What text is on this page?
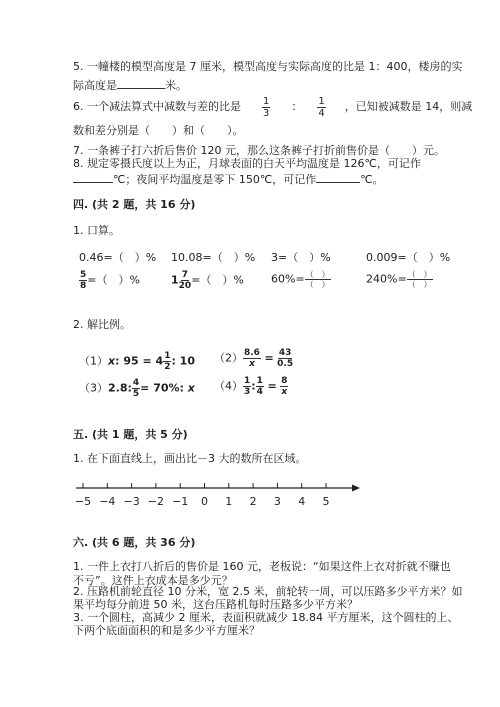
5. 一幢楼的模型高度是 7 厘米，模型高度与实际高度的比是 1：400，楼房的实
际高度是	米。
6. 一个减法算式中减数与差的比是 $\frac{1}{3}$ ： $\frac{1}{4}$ ，已知被减数是 14，则减
数和差分别是（　　）和（　　）。
7. 一条裤子打六折后售价 120 元，那么这条裤子打折前售价是（　　）元。
8. 规定零摄氏度以上为正，月球表面的白天平均温度是 126℃，可记作
℃；夜间平均温度是零下 150℃，可记作	℃。
四. (共 2 题，共 16 分)
1. 口算。
0.46=（　）% 10.08=（　）% 3=（　）%	0.009=（　）%
$\frac{5}{8}$ =（　）%	$1 \frac{7}{20}$ =（　）% $60\%= \frac{( )}{( )}$	$240\%= \frac{( )}{( )}$
2. 解比例。
（1）x: $95 = 4 \frac{1}{2}$ : 10 $(2) \frac{8.6}{x} = \frac{43}{0.5}$
（3）2.8: $\frac{4}{5} = 70\%$: x $(4) \frac{1}{3}$ : $\frac{1}{4} = \frac{8}{x}$
五. (共 1 题，共 5 分)
1. 在下面直线上，画出比－3 大的数所在区域。
−5 −4 −3 −2 −1 0 1 2 3 4 5
六. (共 6 题，共 36 分)
1. 一件上衣打八折后的售价是 160 元，老板说：“如果这件上衣对折就不赚也
不亏”。这件上衣成本是多少元？
2. 压路机前轮直径 10 分米，宽 2.5 米，前轮转一周，可以压路多少平方米？如
果平均每分前进 50 米，这台压路机每时压路多少平方米？
3. 一个圆柱，高减少 2 厘米，表面积就减少 18.84 平方厘米，这个圆柱的上、
下两个底面面积的和是多少平方厘米？
